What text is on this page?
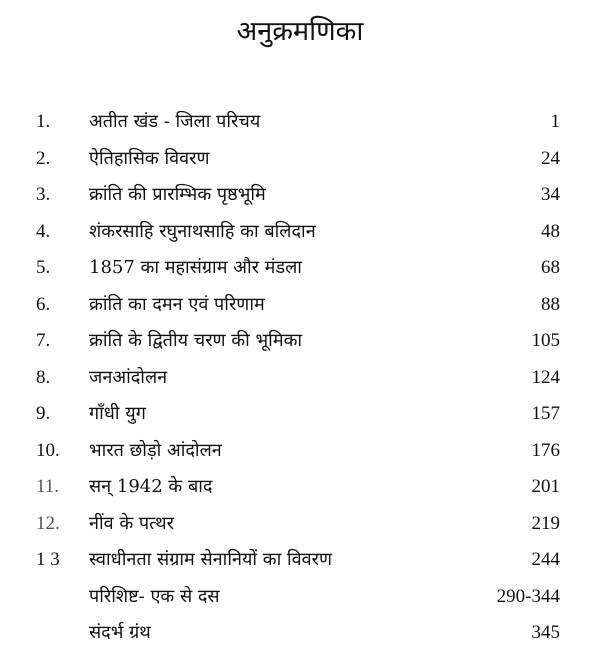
अनुक्रमणिका
1. अतीत खंड - जिला परिचय	1
2. ऐतिहासिक विवरण	24
3. क्रांति की प्रारम्भिक पृष्ठभूमि	34
4. शंकरसाहि रघुनाथसाहि का बलिदान	48
5. 1857 का महासंग्राम और मंडला	68
6. क्रांति का दमन एवं परिणाम	88
7. क्रांति के द्वितीय चरण की भूमिका	105
8. जनआंदोलन	124
9. गाँधी युग	157
10. भारत छोड़ो आंदोलन	176
11. सन् 1942 के बाद	201
12. नींव के पत्थर	219
1 3 स्वाधीनता संग्राम सेनानियों का विवरण	244
परिशिष्ट- एक से दस	290-344
संदर्भ ग्रंथ	345
